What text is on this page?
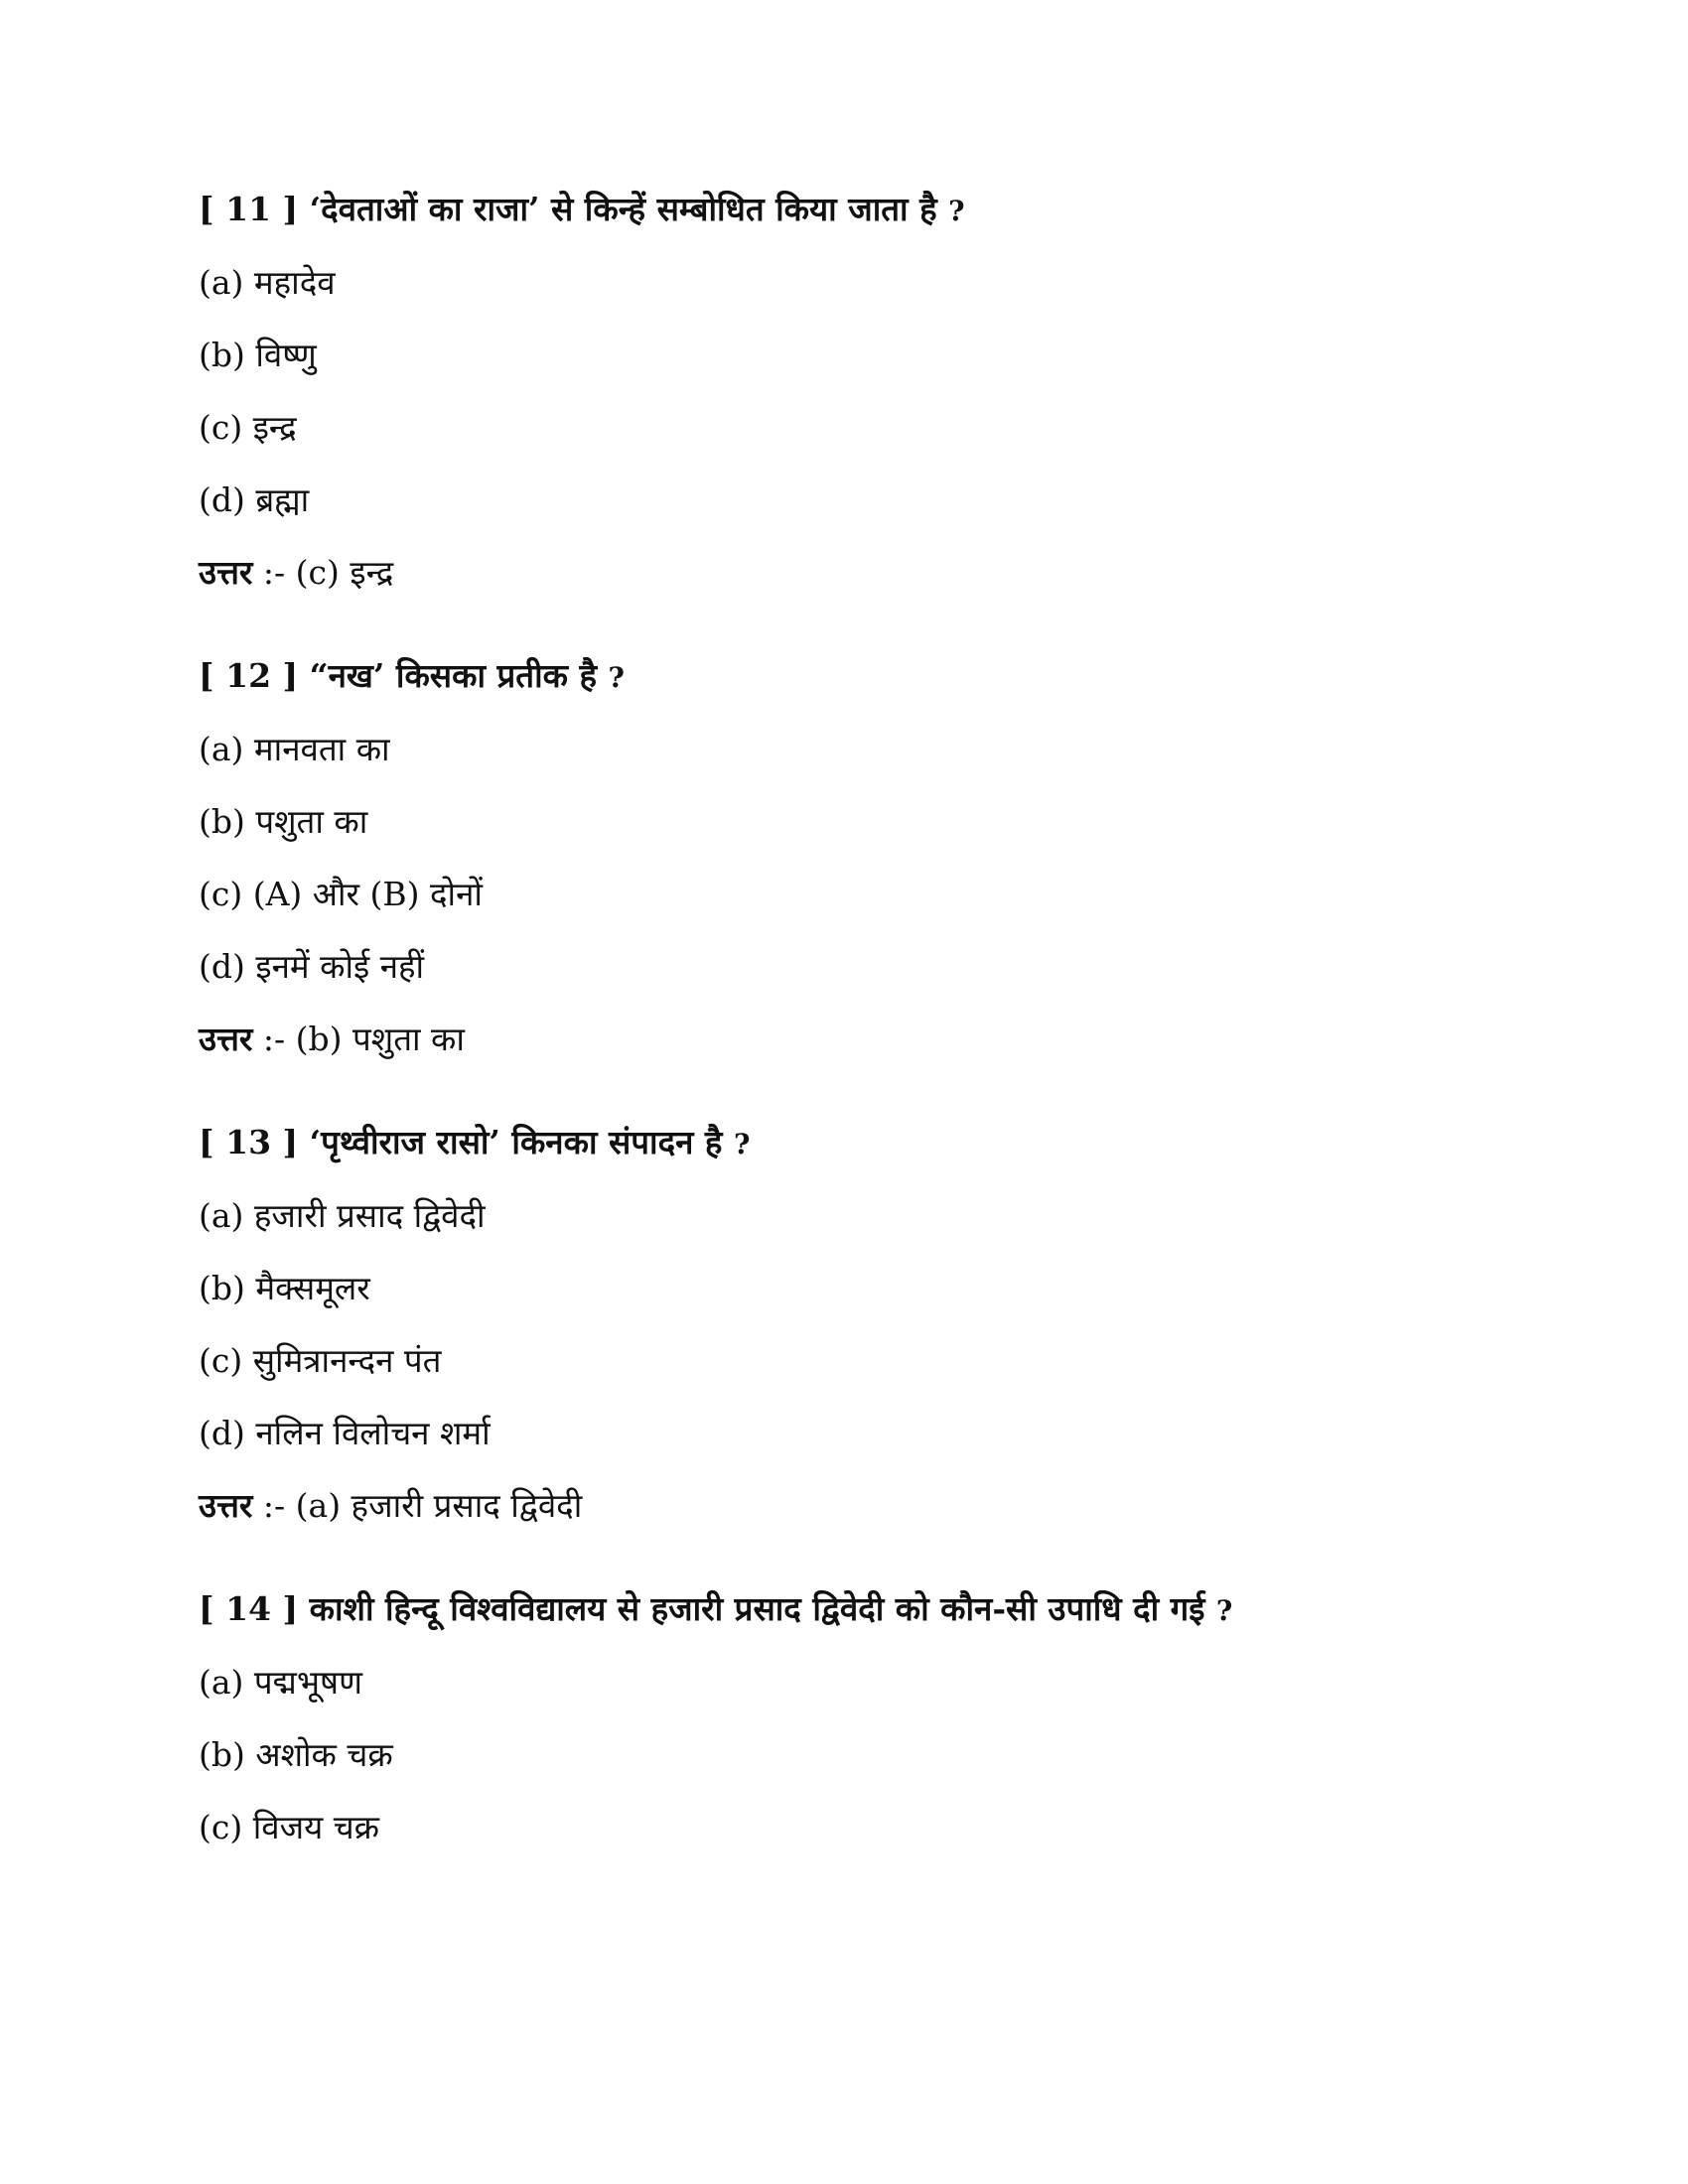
[ 11 ] ‘देवताओं का राजा’ से किन्हें सम्बोधित किया जाता है ?

(a) महादेव

(b) विष्णु

(c) इन्द्र

(d) ब्रह्मा

उत्तर :- (c) इन्द्र

[ 12 ] “नख’ किसका प्रतीक है ?

(a) मानवता का

(b) पशुता का

(c) (A) और (B) दोनों

(d) इनमें कोई नहीं

उत्तर :- (b) पशुता का

[ 13 ] ‘पृथ्वीराज रासो’ किनका संपादन है ?

(a) हजारी प्रसाद द्विवेदी

(b) मैक्समूलर

(c) सुमित्रानन्दन पंत

(d) नलिन विलोचन शर्मा

उत्तर :- (a) हजारी प्रसाद द्विवेदी

[ 14 ] काशी हिन्दू विश्वविद्यालय से हजारी प्रसाद द्विवेदी को कौन-सी उपाधि दी गई ?

(a) पद्मभूषण

(b) अशोक चक्र

(c) विजय चक्र
